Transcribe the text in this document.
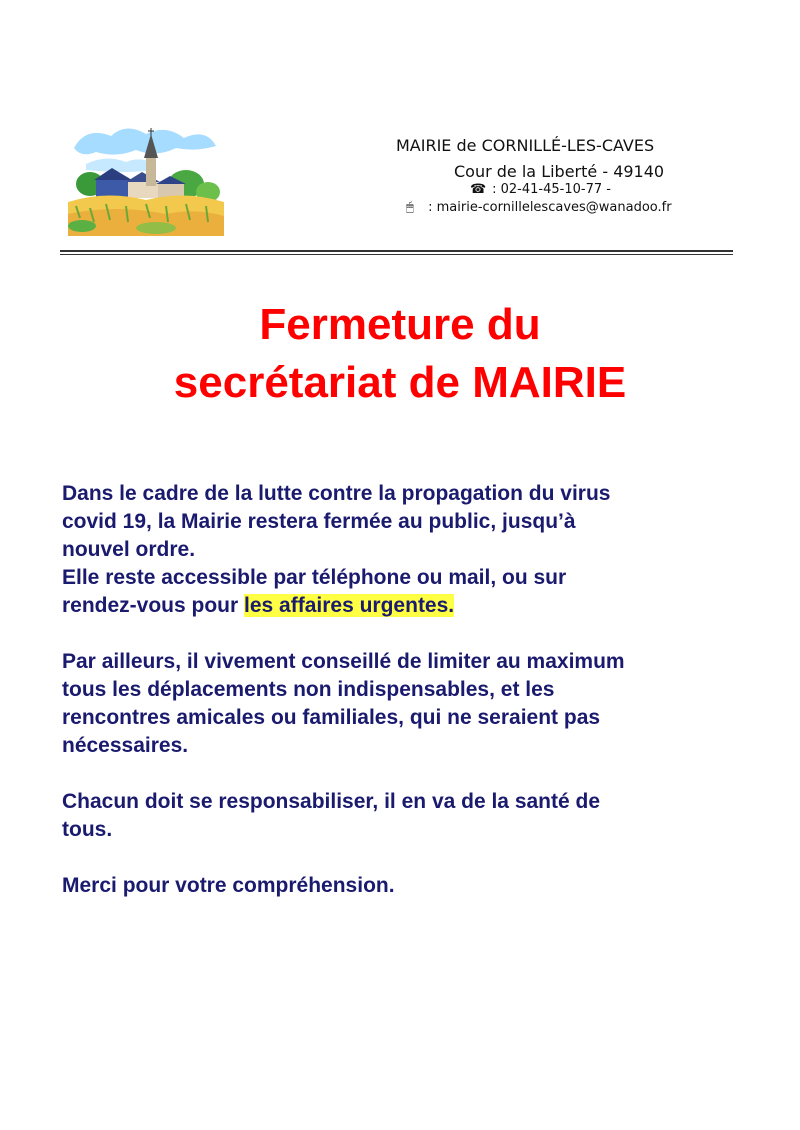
MAIRIE de CORNILLÉ-LES-CAVES
Cour de la Liberté - 49140
☎ : 02-41-45-10-77 -
🖱 : mairie-cornillelescaves@wanadoo.fr
Fermeture du
secrétariat de MAIRIE

Dans le cadre de la lutte contre la propagation du virus

covid 19, la Mairie restera fermée au public, jusqu’à

nouvel ordre.

Elle reste accessible par téléphone ou mail, ou sur

rendez-vous pour les affaires urgentes.

Par ailleurs, il vivement conseillé de limiter au maximum

tous les déplacements non indispensables, et les

rencontres amicales ou familiales, qui ne seraient pas

nécessaires.

Chacun doit se responsabiliser, il en va de la santé de

tous.

Merci pour votre compréhension.
